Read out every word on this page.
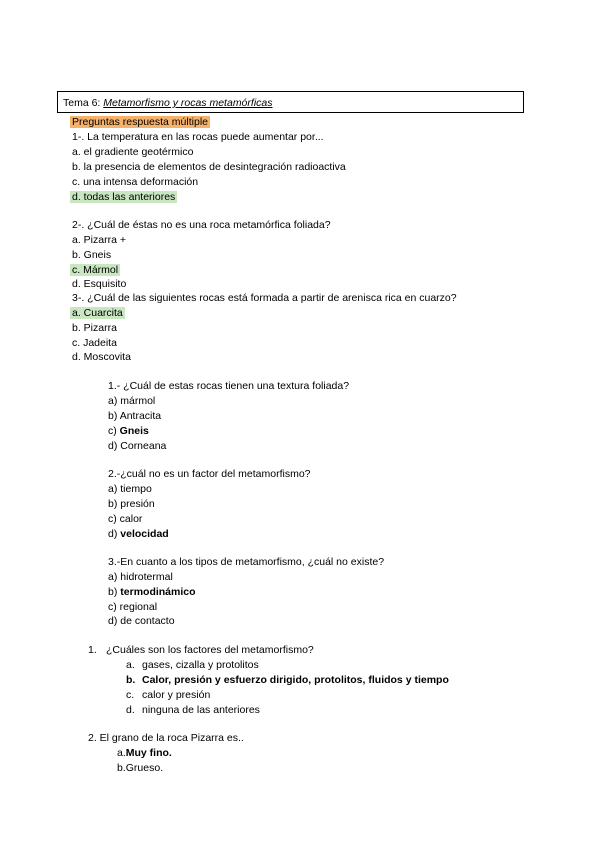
Tema 6: Metamorfismo y rocas metamórficas
Preguntas respuesta múltiple
1-. La temperatura en las rocas puede aumentar por...
a. el gradiente geotérmico
b. la presencia de elementos de desintegración radioactiva
c. una intensa deformación
d. todas las anteriores
2-. ¿Cuál de éstas no es una roca metamórfica foliada?
a. Pizarra +
b. Gneis
c. Mármol
d. Esquisito
3-. ¿Cuál de las siguientes rocas está formada a partir de arenisca rica en cuarzo?
a. Cuarcita
b. Pizarra
c. Jadeita
d. Moscovita
1.- ¿Cuál de estas rocas tienen una textura foliada?
a) mármol
b) Antracita
c) Gneis
d) Corneana
2.-¿cuál no es un factor del metamorfismo?
a) tiempo
b) presión
c) calor
d) velocidad
3.-En cuanto a los tipos de metamorfismo, ¿cuál no existe?
a) hidrotermal
b) termodinámico
c) regional
d) de contacto
1. ¿Cuáles son los factores del metamorfismo?
a. gases, cizalla y protolitos
b. Calor, presión y esfuerzo dirigido, protolitos, fluidos y tiempo
c. calor y presión
d. ninguna de las anteriores
2. El grano de la roca Pizarra es..
a.Muy fino.
b.Grueso.
